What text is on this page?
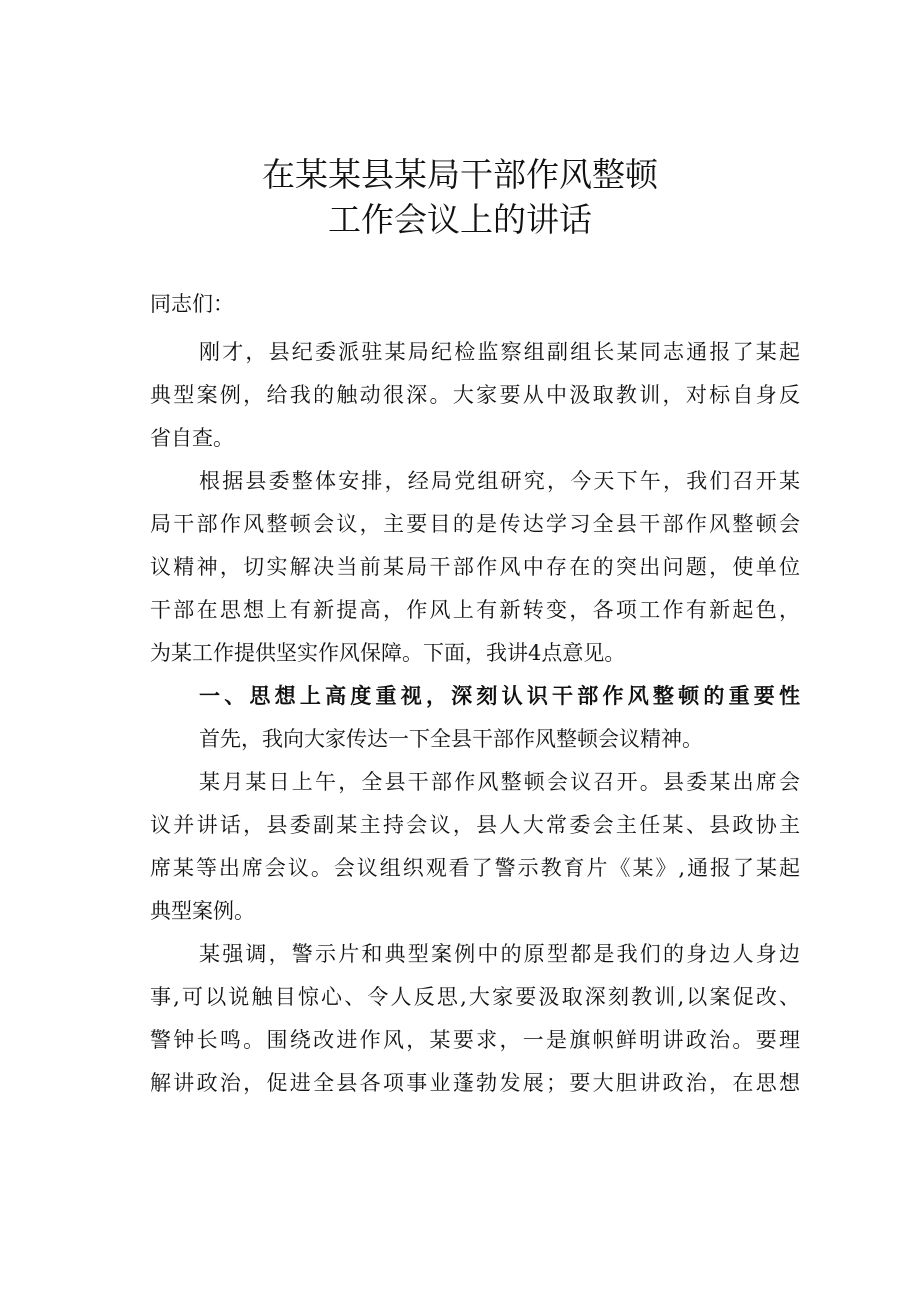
在某某县某局干部作风整顿
工作会议上的讲话
同志们：
刚才，县纪委派驻某局纪检监察组副组长某同志通报了某起
典型案例，给我的触动很深。大家要从中汲取教训，对标自身反
省自查。
根据县委整体安排，经局党组研究，今天下午，我们召开某
局干部作风整顿会议，主要目的是传达学习全县干部作风整顿会
议精神，切实解决当前某局干部作风中存在的突出问题，使单位
干部在思想上有新提高，作风上有新转变，各项工作有新起色，
为某工作提供坚实作风保障。下面，我讲4点意见。
一、思想上高度重视，深刻认识干部作风整顿的重要性
首先，我向大家传达一下全县干部作风整顿会议精神。
某月某日上午，全县干部作风整顿会议召开。县委某出席会
议并讲话，县委副某主持会议，县人大常委会主任某、县政协主
席某等出席会议。会议组织观看了警示教育片《某》,通报了某起
典型案例。
某强调，警示片和典型案例中的原型都是我们的身边人身边
事,可以说触目惊心、令人反思,大家要汲取深刻教训,以案促改、
警钟长鸣。围绕改进作风，某要求，一是旗帜鲜明讲政治。要理
解讲政治，促进全县各项事业蓬勃发展；要大胆讲政治，在思想
